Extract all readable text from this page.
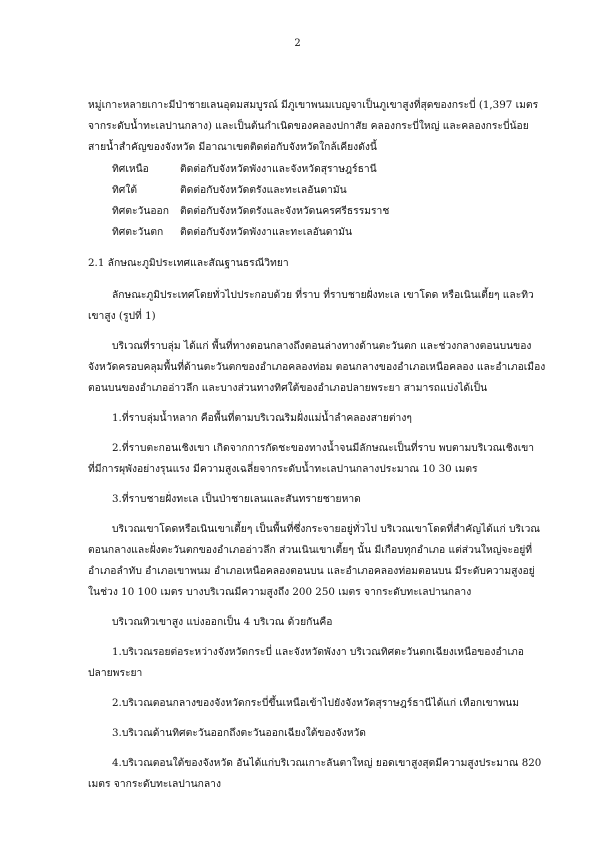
2
หมู่เกาะหลายเกาะมีป่าชายเลนอุดมสมบูรณ์ มีภูเขาพนมเบญจาเป็นภูเขาสูงที่สุดของกระบี่ (1,397 เมตร
จากระดับน้ำทะเลปานกลาง) และเป็นต้นกำเนิดของคลองปกาสัย คลองกระบี่ใหญ่ และคลองกระบี่น้อย
สายน้ำสำคัญของจังหวัด มีอาณาเขตติดต่อกับจังหวัดใกล้เคียงดังนี้
ทิศเหนือ	ติดต่อกับจังหวัดพังงาและจังหวัดสุราษฎร์ธานี
ทิศใต้	ติดต่อกับจังหวัดตรังและทะเลอันดามัน
ทิศตะวันออก ติดต่อกับจังหวัดตรังและจังหวัดนครศรีธรรมราช
ทิศตะวันตก ติดต่อกับจังหวัดพังงาและทะเลอันดามัน
2.1 ลักษณะภูมิประเทศและสัณฐานธรณีวิทยา
ลักษณะภูมิประเทศโดยทั่วไปประกอบด้วย ที่ราบ ที่ราบชายฝั่งทะเล เขาโดด หรือเนินเตี้ยๆ และทิว
เขาสูง (รูปที่ 1)
บริเวณที่ราบลุ่ม ได้แก่ พื้นที่ทางตอนกลางถึงตอนล่างทางด้านตะวันตก และช่วงกลางตอนบนของ
จังหวัดครอบคลุมพื้นที่ด้านตะวันตกของอำเภอคลองท่อม ตอนกลางของอำเภอเหนือคลอง และอำเภอเมือง
ตอนบนของอำเภออ่าวลึก และบางส่วนทางทิศใต้ของอำเภอปลายพระยา สามารถแบ่งได้เป็น
1.ที่ราบลุ่มน้ำหลาก คือพื้นที่ตามบริเวณริมฝั่งแม่น้ำลำคลองสายต่างๆ
2.ที่ราบตะกอนเชิงเขา เกิดจากการกัดชะของทางน้ำจนมีลักษณะเป็นที่ราบ พบตามบริเวณเชิงเขา
ที่มีการผุพังอย่างรุนแรง มีความสูงเฉลี่ยจากระดับน้ำทะเลปานกลางประมาณ 10 30 เมตร
3.ที่ราบชายฝั่งทะเล เป็นป่าชายเลนและสันทรายชายหาด
บริเวณเขาโดดหรือเนินเขาเตี้ยๆ เป็นพื้นที่ซึ่งกระจายอยู่ทั่วไป บริเวณเขาโดดที่สำคัญได้แก่ บริเวณ
ตอนกลางและฝั่งตะวันตกของอำเภออ่าวลึก ส่วนเนินเขาเตี้ยๆ นั้น มีเกือบทุกอำเภอ แต่ส่วนใหญ่จะอยู่ที่
อำเภอลำทับ อำเภอเขาพนม อำเภอเหนือคลองตอนบน และอำเภอคลองท่อมตอนบน มีระดับความสูงอยู่
ในช่วง 10 100 เมตร บางบริเวณมีความสูงถึง 200 250 เมตร จากระดับทะเลปานกลาง
บริเวณทิวเขาสูง แบ่งออกเป็น 4 บริเวณ ด้วยกันคือ
1.บริเวณรอยต่อระหว่างจังหวัดกระบี่ และจังหวัดพังงา บริเวณทิศตะวันตกเฉียงเหนือของอำเภอ
ปลายพระยา
2.บริเวณตอนกลางของจังหวัดกระบี่ขึ้นเหนือเข้าไปยังจังหวัดสุราษฎร์ธานีได้แก่ เทือกเขาพนม
3.บริเวณด้านทิศตะวันออกถึงตะวันออกเฉียงใต้ของจังหวัด
4.บริเวณตอนใต้ของจังหวัด อันได้แก่บริเวณเกาะลันตาใหญ่ ยอดเขาสูงสุดมีความสูงประมาณ 820
เมตร จากระดับทะเลปานกลาง
